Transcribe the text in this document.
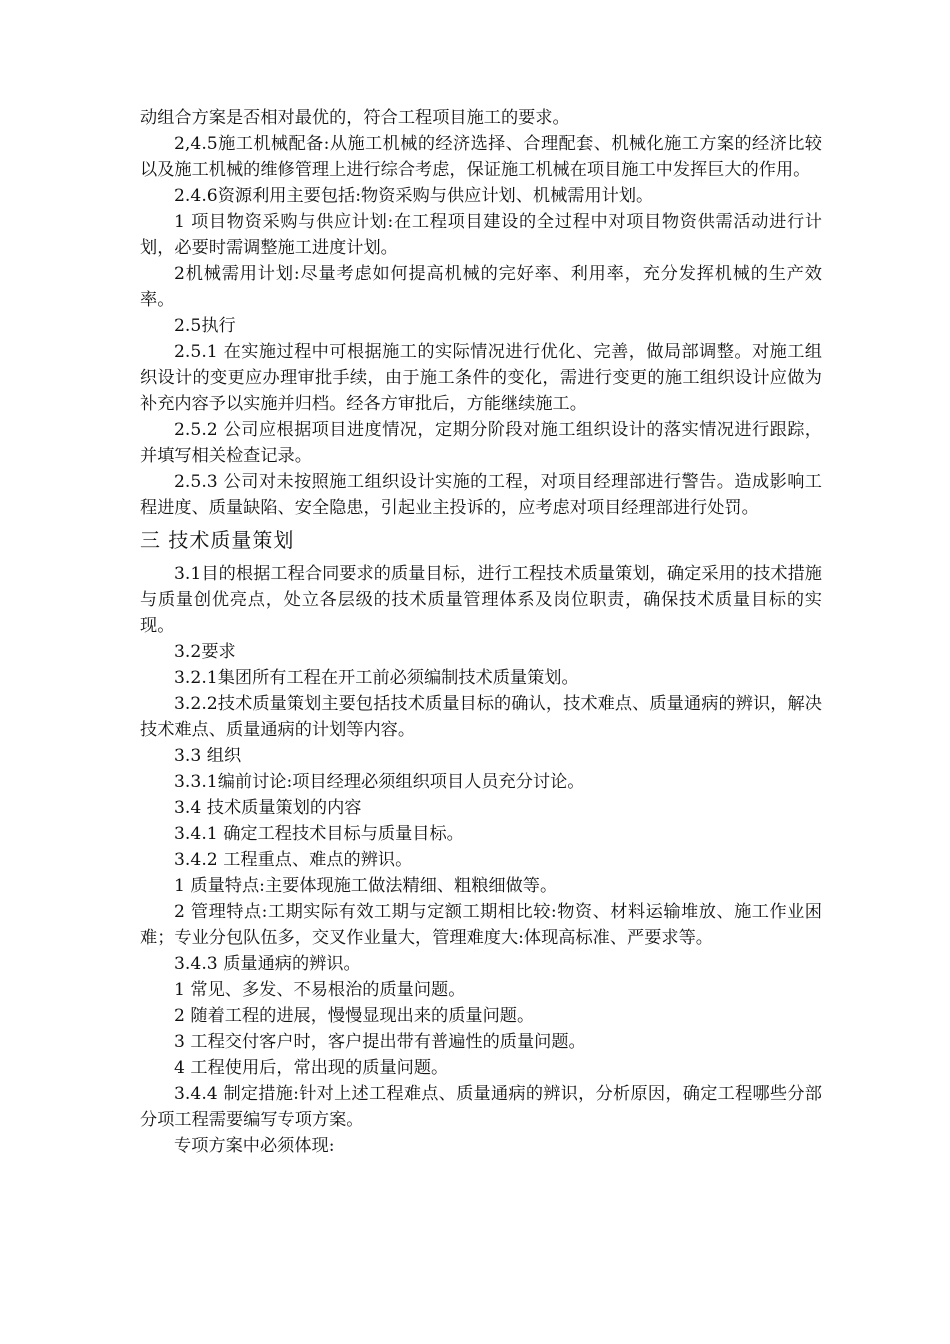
动组合方案是否相对最优的，符合工程项目施工的要求。

2,4.5施工机械配备:从施工机械的经济选择、合理配套、机械化施工方案的经济比较以及施工机械的维修管理上进行综合考虑，保证施工机械在项目施工中发挥巨大的作用。

2.4.6资源利用主要包括:物资采购与供应计划、机械需用计划。

1 项目物资采购与供应计划:在工程项目建设的全过程中对项目物资供需活动进行计划，必要时需调整施工进度计划。

2机械需用计划:尽量考虑如何提高机械的完好率、利用率，充分发挥机械的生产效率。

2.5执行

2.5.1 在实施过程中可根据施工的实际情况进行优化、完善，做局部调整。对施工组织设计的变更应办理审批手续，由于施工条件的变化，需进行变更的施工组织设计应做为补充内容予以实施并归档。经各方审批后，方能继续施工。

2.5.2 公司应根据项目进度情况，定期分阶段对施工组织设计的落实情况进行跟踪，并填写相关检查记录。

2.5.3 公司对未按照施工组织设计实施的工程，对项目经理部进行警告。造成影响工程进度、质量缺陷、安全隐患，引起业主投诉的，应考虑对项目经理部进行处罚。

三 技术质量策划

3.1目的根据工程合同要求的质量目标，进行工程技术质量策划，确定采用的技术措施与质量创优亮点，处立各层级的技术质量管理体系及岗位职责，确保技术质量目标的实现。

3.2要求

3.2.1集团所有工程在开工前必须编制技术质量策划。

3.2.2技术质量策划主要包括技术质量目标的确认，技术难点、质量通病的辨识，解决技术难点、质量通病的计划等内容。

3.3 组织

3.3.1编前讨论:项目经理必须组织项目人员充分讨论。

3.4 技术质量策划的内容

3.4.1 确定工程技术目标与质量目标。

3.4.2 工程重点、难点的辨识。

1 质量特点:主要体现施工做法精细、粗粮细做等。

2 管理特点:工期实际有效工期与定额工期相比较:物资、材料运输堆放、施工作业困难；专业分包队伍多，交叉作业量大，管理难度大:体现高标准、严要求等。

3.4.3 质量通病的辨识。

1 常见、多发、不易根治的质量问题。

2 随着工程的进展，慢慢显现出来的质量问题。

3 工程交付客户时，客户提出带有普遍性的质量问题。

4 工程使用后，常出现的质量问题。

3.4.4 制定措施:针对上述工程难点、质量通病的辨识，分析原因，确定工程哪些分部分项工程需要编写专项方案。

专项方案中必须体现:
